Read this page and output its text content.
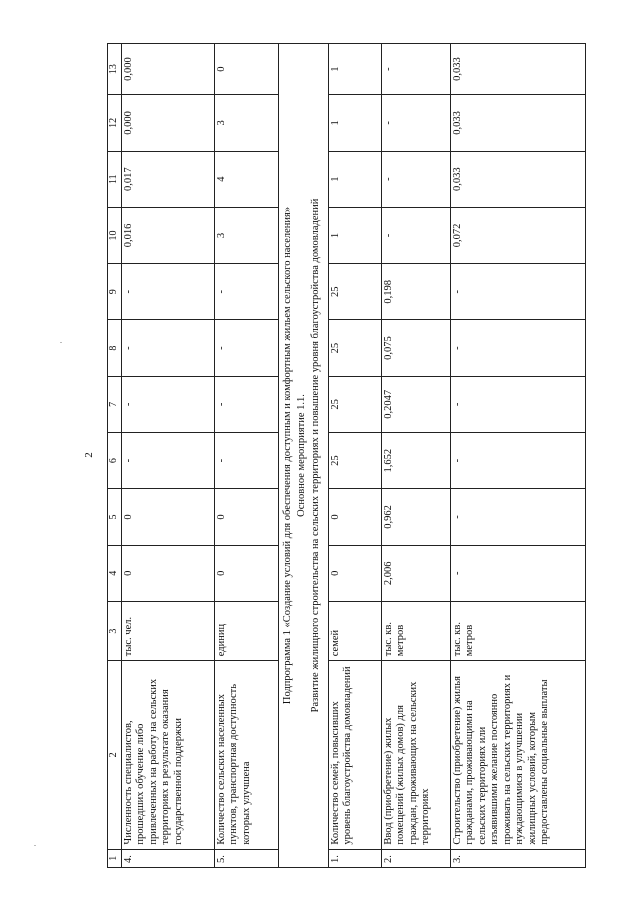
2
1	2	3	4	5	6	7	8	9	10	11	12	13
4.	Численность специалистов, прошедших обучение либо привлеченных на работу на сельских территориях в результате оказания государственной поддержки	тыс. чел.	0	0	-	-	-	-	0,016	0,017	0,000	0,000
5.	Количество сельских населенных пунктов, транспортная доступность которых улучшена	единиц	0	0	-	-	-	-	3	4	3	0

Подпрограмма 1 «Создание условий для обеспечения доступным и комфортным жильем сельского населения» Основное мероприятие 1.1. Развитие жилищного строительства на сельских территориях и повышение уровня благоустройства домовладений												

1.	Количество семей, повысивших уровень благоустройства домовладений	семей	0	0	25	25	25	25	1	1	1	1
2.	Ввод (приобретение) жилых помещений (жилых домов) для граждан, проживающих на сельских территориях	тыс. кв. метров	2,006	0,962	1,652	0,2047	0,075	0,198	-	-	-	-
3.	Строительство (приобретение) жилья гражданами, проживающими на сельских территориях или изъявившими желание постоянно проживать на сельских территориях и нуждающимися в улучшении жилищных условий, которым предоставлены социальные выплаты	тыс. кв. метров	-	-	-	-	-	-	0,072	0,033	0,033	0,033
